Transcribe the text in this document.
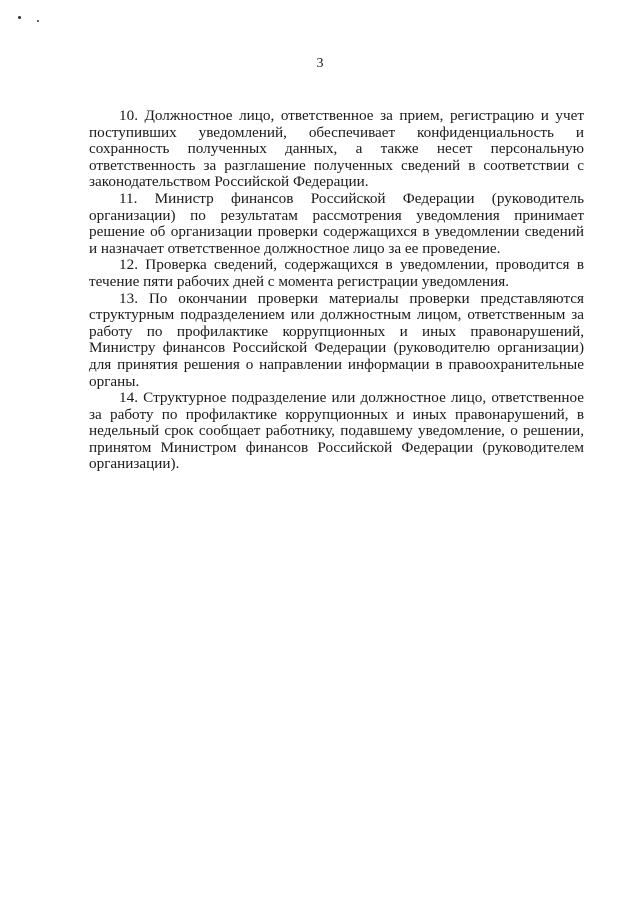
3

10. Должностное лицо, ответственное за прием, регистрацию и учет поступивших уведомлений, обеспечивает конфиденциальность и сохранность полученных данных, а также несет персональную ответственность за разглашение полученных сведений в соответствии с законодательством Российской Федерации.

11. Министр финансов Российской Федерации (руководитель организации) по результатам рассмотрения уведомления принимает решение об организации проверки содержащихся в уведомлении сведений и назначает ответственное должностное лицо за ее проведение.

12. Проверка сведений, содержащихся в уведомлении, проводится в течение пяти рабочих дней с момента регистрации уведомления.

13. По окончании проверки материалы проверки представляются структурным подразделением или должностным лицом, ответственным за работу по профилактике коррупционных и иных правонарушений, Министру финансов Российской Федерации (руководителю организации) для принятия решения о направлении информации в правоохранительные органы.

14. Структурное подразделение или должностное лицо, ответственное за работу по профилактике коррупционных и иных правонарушений, в недельный срок сообщает работнику, подавшему уведомление, о решении, принятом Министром финансов Российской Федерации (руководителем организации).
